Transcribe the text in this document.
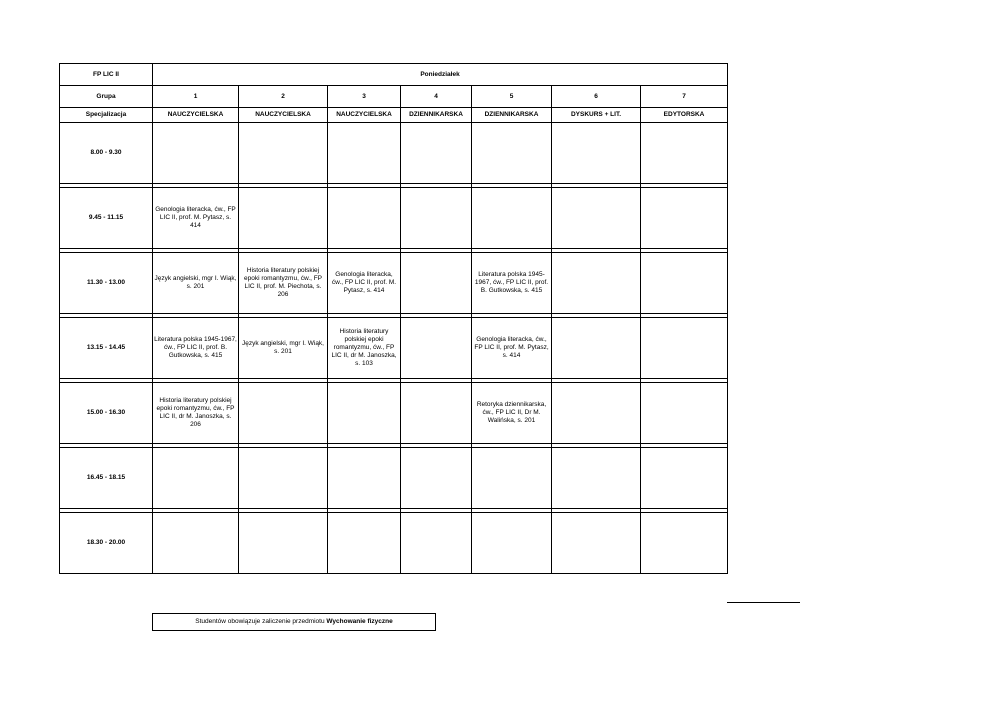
FP LIC II	Poniedziałek						
Grupa	1	2	3	4	5	6	7
Specjalizacja	NAUCZYCIELSKA	NAUCZYCIELSKA	NAUCZYCIELSKA	DZIENNIKARSKA	DZIENNIKARSKA	DYSKURS + LIT.	EDYTORSKA
8.00 - 9.30							

9.45 - 11.15	Genologia literacka, ćw., FP LIC II, prof. M. Pytasz, s. 414						

11.30 - 13.00	Język angielski, mgr I. Wiąk, s. 201	Historia literatury polskiej epoki romantyzmu, ćw., FP LIC II, prof. M. Piechota, s. 206	Genologia literacka, ćw., FP LIC II, prof. M. Pytasz, s. 414		Literatura polska 1945-1967, ćw., FP LIC II, prof. B. Gutkowska, s. 415		

13.15 - 14.45	Literatura polska 1945-1967, ćw., FP LIC II, prof. B. Gutkowska, s. 415	Język angielski, mgr I. Wiąk, s. 201	Historia literatury polskiej epoki romantyzmu, ćw., FP LIC II, dr M. Janoszka, s. 103		Genologia literacka, ćw., FP LIC II, prof. M. Pytasz, s. 414		

15.00 - 16.30	Historia literatury polskiej epoki romantyzmu, ćw., FP LIC II, dr M. Janoszka, s. 206				Retoryka dziennikarska, ćw., FP LIC II, Dr M. Walińska, s. 201		

16.45 - 18.15							

18.30 - 20.00							
Studentów obowiązuje zaliczenie przedmiotu Wychowanie fizyczne
